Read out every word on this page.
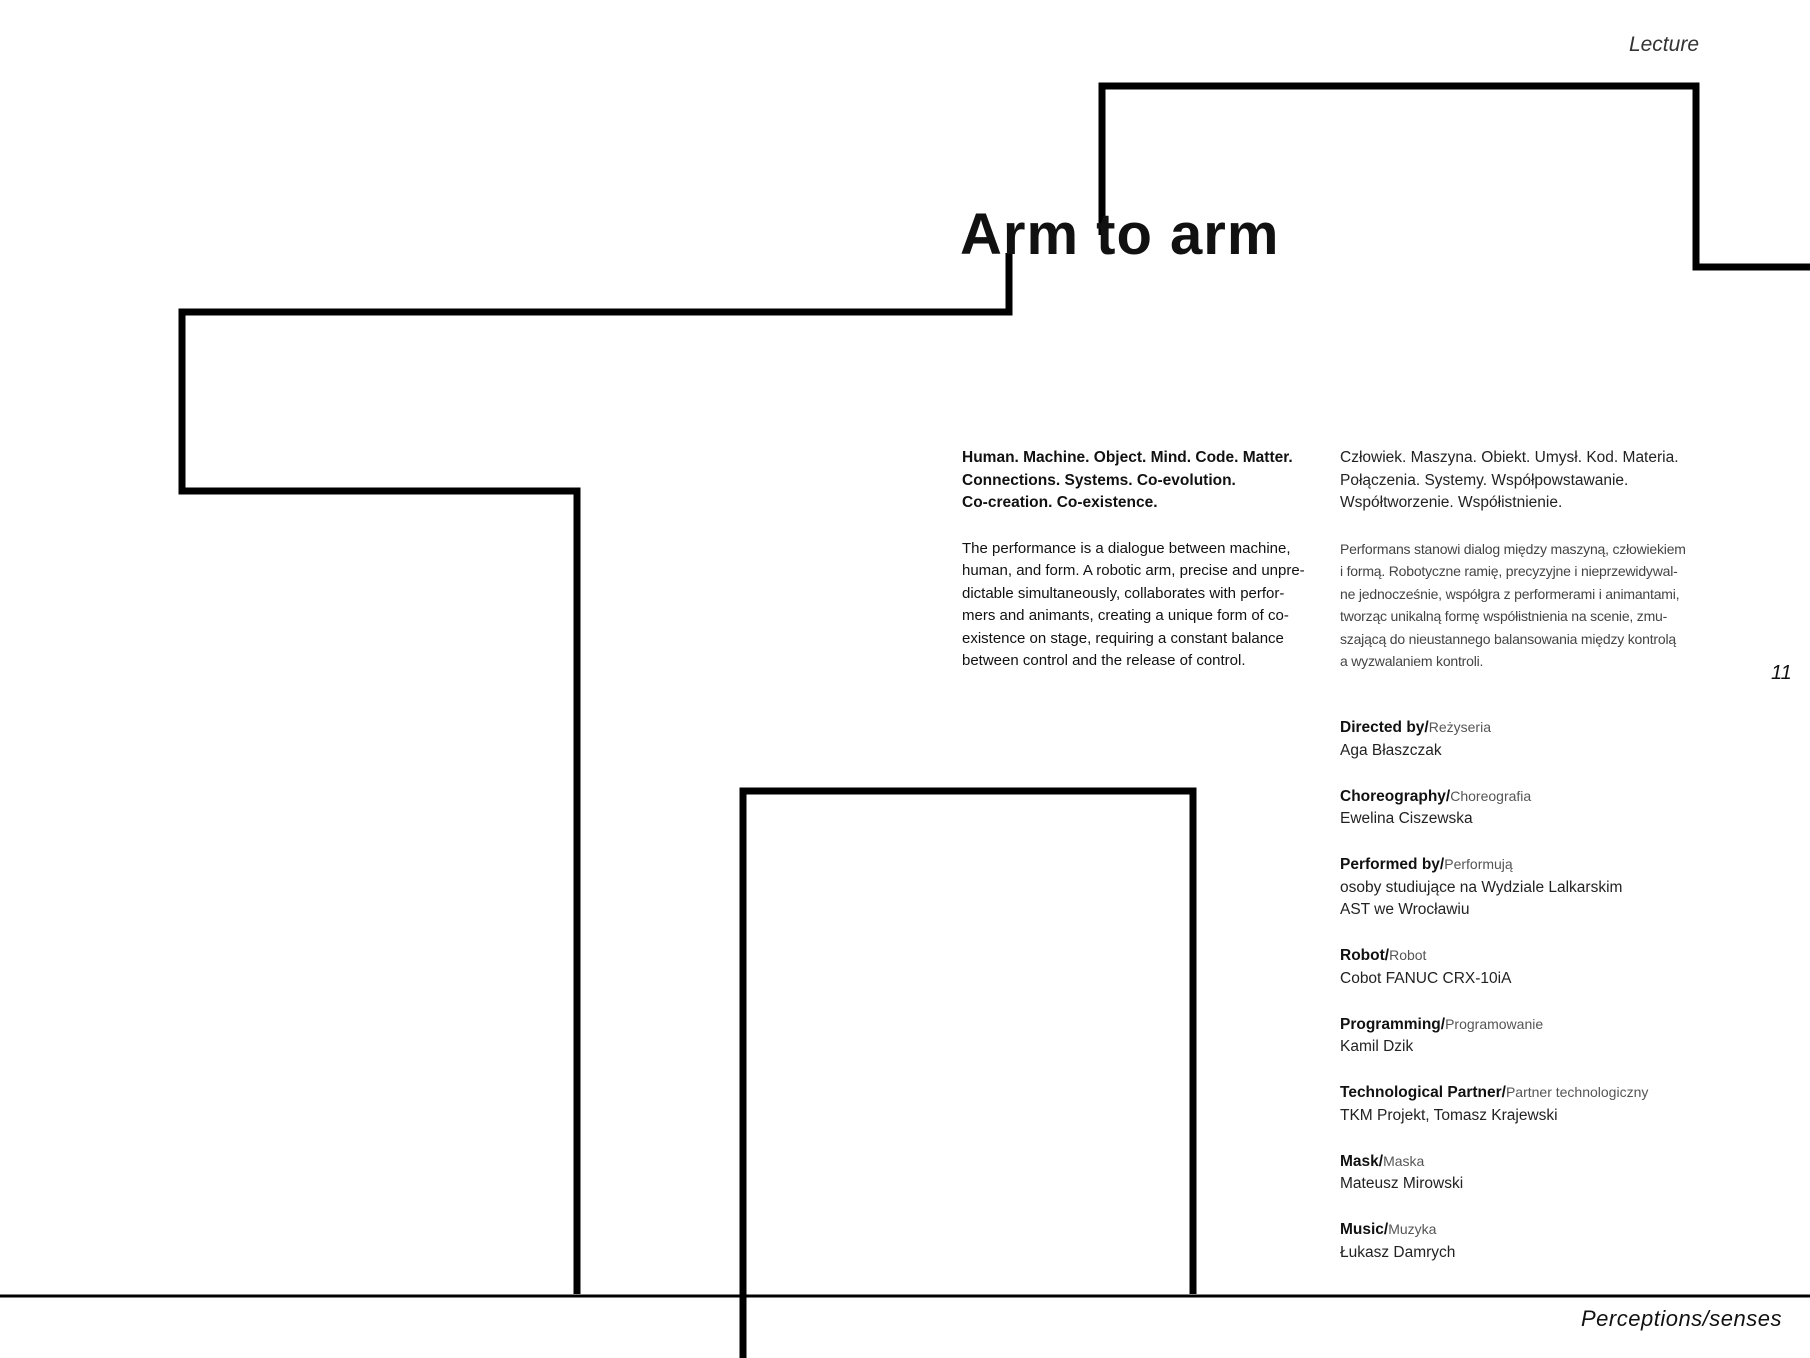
Lecture
Arm to arm

Human. Machine. Object. Mind. Code. Matter.
Connections. Systems. Co-evolution.
Co-creation. Co-existence.

The performance is a dialogue between machine,
human, and form. A robotic arm, precise and unpre-
dictable simultaneously, collaborates with perfor-
mers and animants, creating a unique form of co-
existence on stage, requiring a constant balance
between control and the release of control.

Człowiek. Maszyna. Obiekt. Umysł. Kod. Materia.
Połączenia. Systemy. Współpowstawanie.
Współtworzenie. Współistnienie.

Performans stanowi dialog między maszyną, człowiekiem
i formą. Robotyczne ramię, precyzyjne i nieprzewidywal-
ne jednocześnie, współgra z performerami i animantami,
tworząc unikalną formę współistnienia na scenie, zmu-
szającą do nieustannego balansowania między kontrolą
a wyzwalaniem kontroli.

Directed by/Reżyseria
Aga Błaszczak
Choreography/Choreografia
Ewelina Ciszewska
Performed by/Performują
osoby studiujące na Wydziale Lalkarskim
AST we Wrocławiu
Robot/Robot
Cobot FANUC CRX-10iA
Programming/Programowanie
Kamil Dzik
Technological Partner/Partner technologiczny
TKM Projekt, Tomasz Krajewski
Mask/Maska
Mateusz Mirowski
Music/Muzyka
Łukasz Damrych
11
Perceptions/senses
